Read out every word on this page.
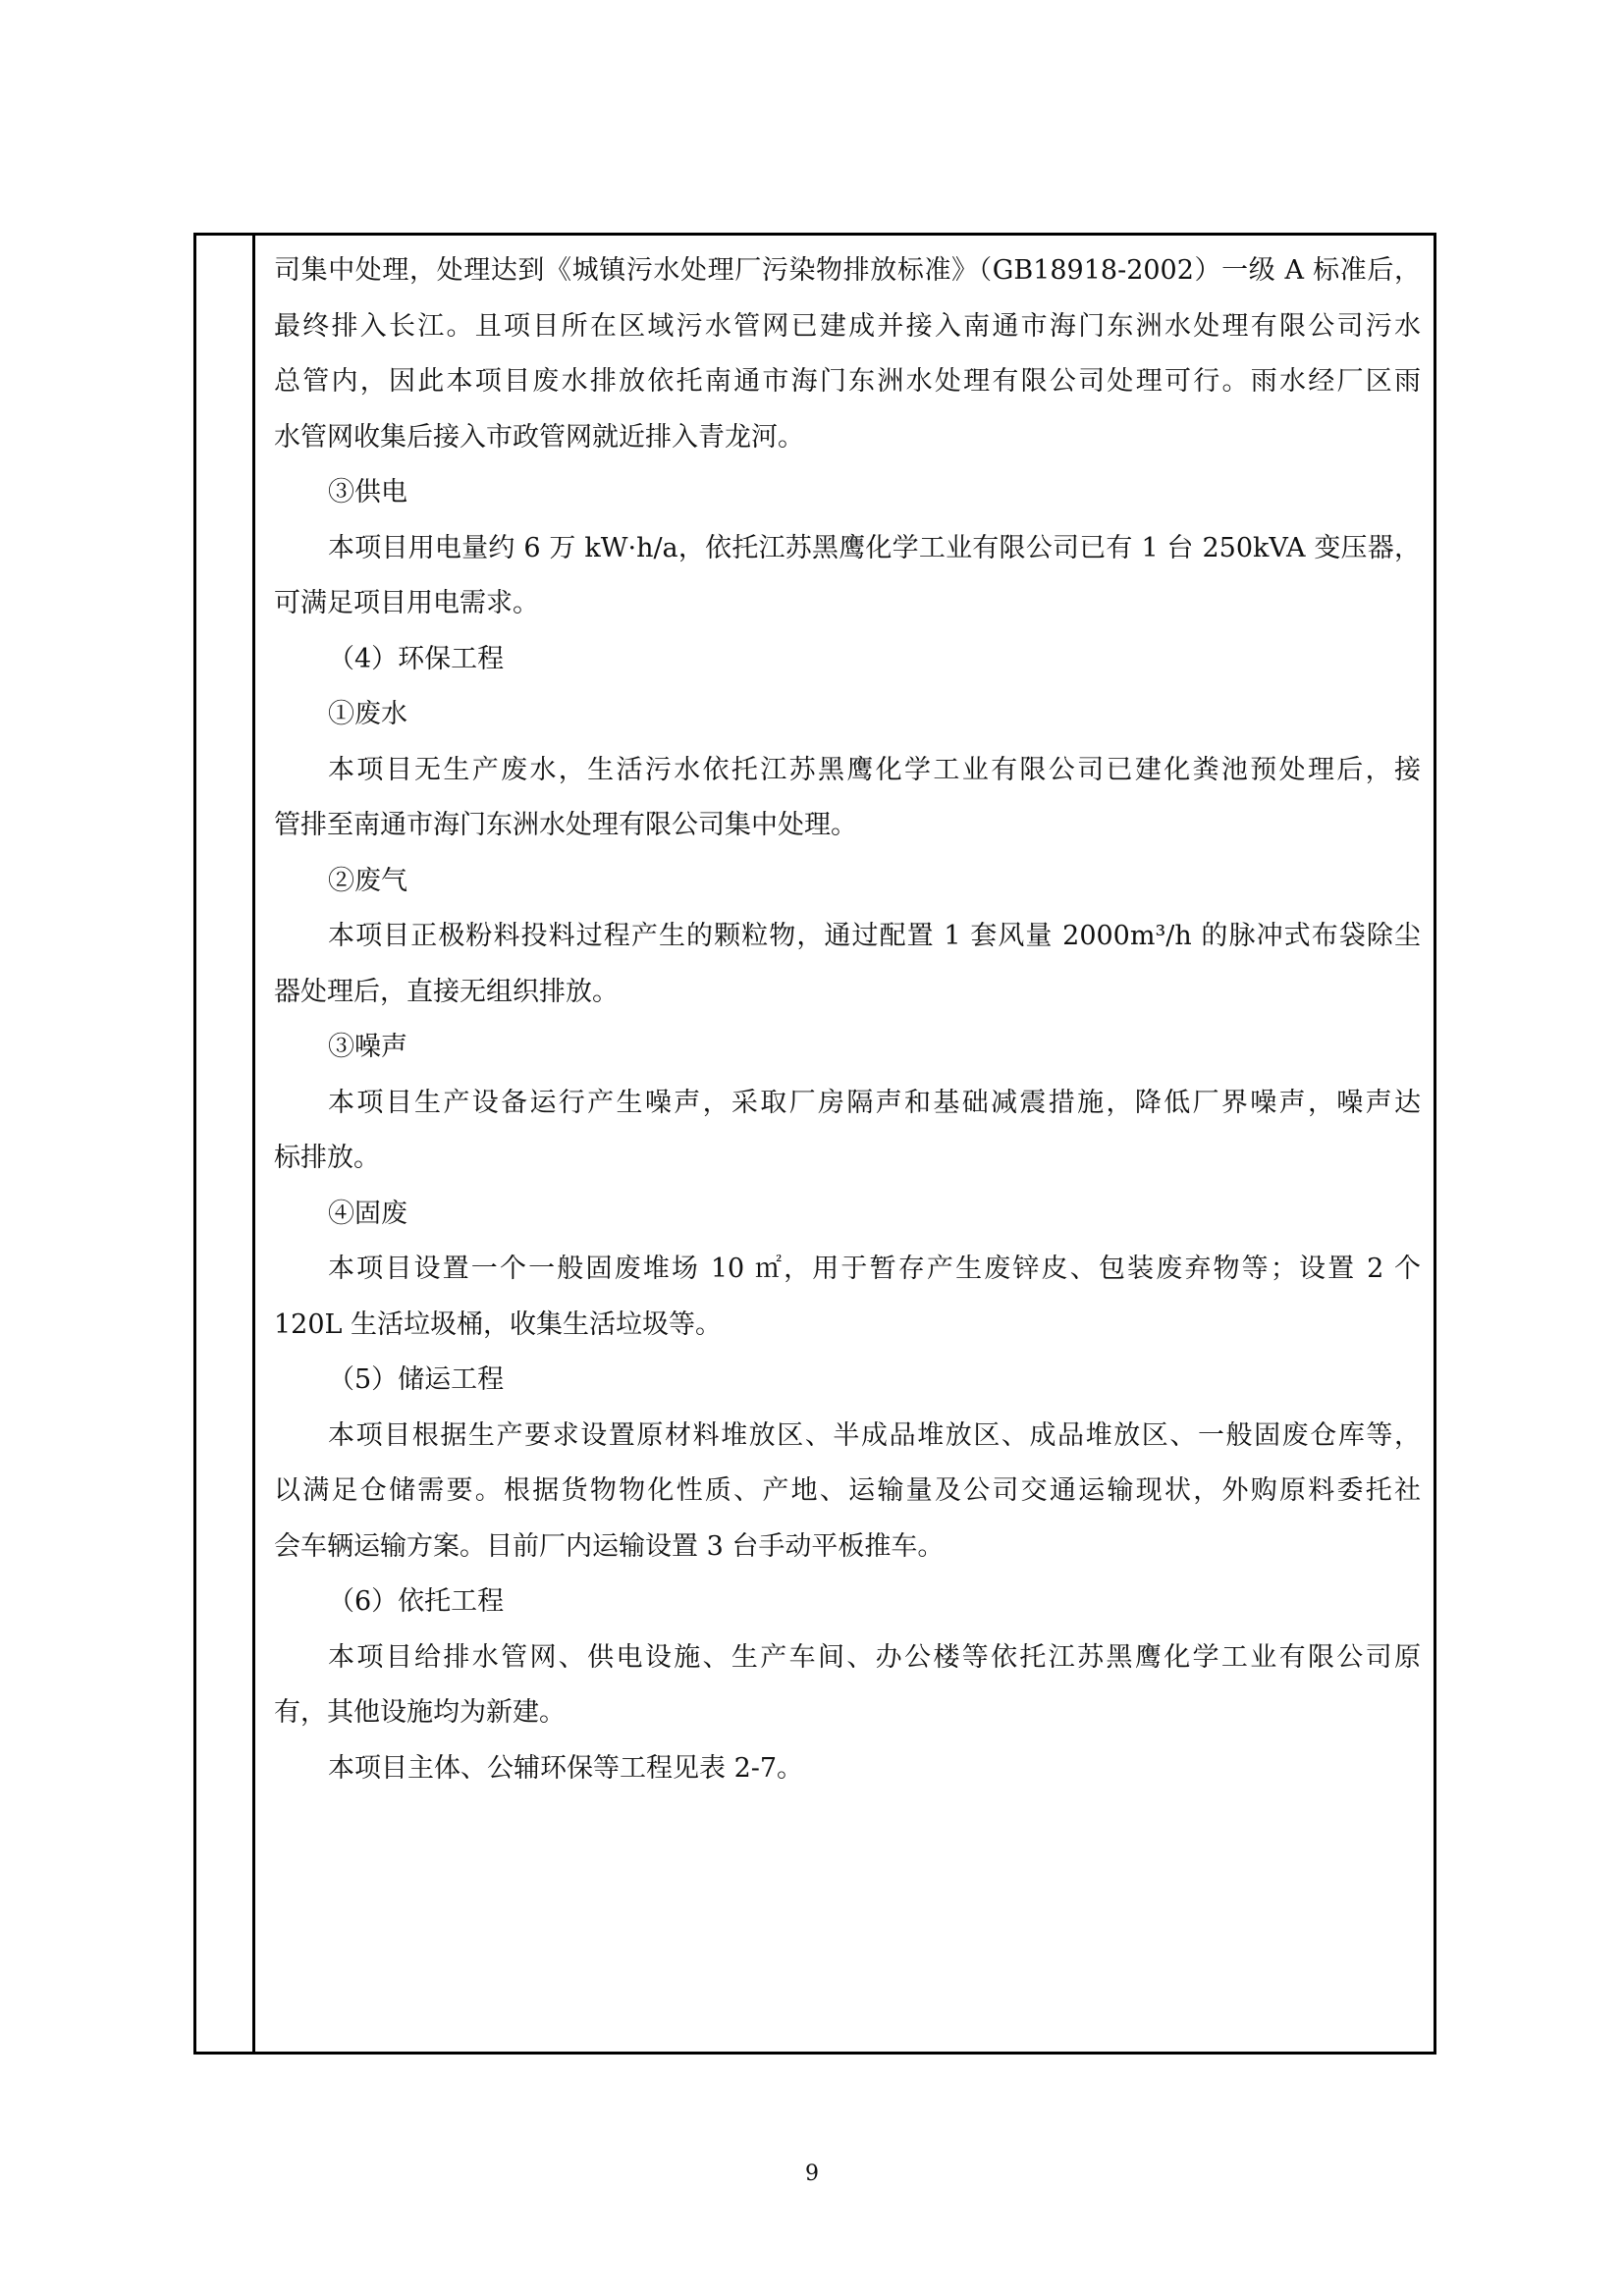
司集中处理，处理达到《城镇污水处理厂污染物排放标准》（GB18918-2002）一级 A 标准后，
最终排入长江。且项目所在区域污水管网已建成并接入南通市海门东洲水处理有限公司污水
总管内，因此本项目废水排放依托南通市海门东洲水处理有限公司处理可行。雨水经厂区雨
水管网收集后接入市政管网就近排入青龙河。
③供电
本项目用电量约 6 万 kW·h/a，依托江苏黑鹰化学工业有限公司已有 1 台 250kVA 变压器，
可满足项目用电需求。
（4）环保工程
①废水
本项目无生产废水，生活污水依托江苏黑鹰化学工业有限公司已建化粪池预处理后，接
管排至南通市海门东洲水处理有限公司集中处理。
②废气
本项目正极粉料投料过程产生的颗粒物，通过配置 1 套风量 2000m³/h 的脉冲式布袋除尘
器处理后，直接无组织排放。
③噪声
本项目生产设备运行产生噪声，采取厂房隔声和基础减震措施，降低厂界噪声，噪声达
标排放。
④固废
本项目设置一个一般固废堆场 10 ㎡，用于暂存产生废锌皮、包装废弃物等；设置 2 个
120L 生活垃圾桶，收集生活垃圾等。
（5）储运工程
本项目根据生产要求设置原材料堆放区、半成品堆放区、成品堆放区、一般固废仓库等，
以满足仓储需要。根据货物物化性质、产地、运输量及公司交通运输现状，外购原料委托社
会车辆运输方案。目前厂内运输设置 3 台手动平板推车。
（6）依托工程
本项目给排水管网、供电设施、生产车间、办公楼等依托江苏黑鹰化学工业有限公司原
有，其他设施均为新建。
本项目主体、公辅环保等工程见表 2-7。
9
